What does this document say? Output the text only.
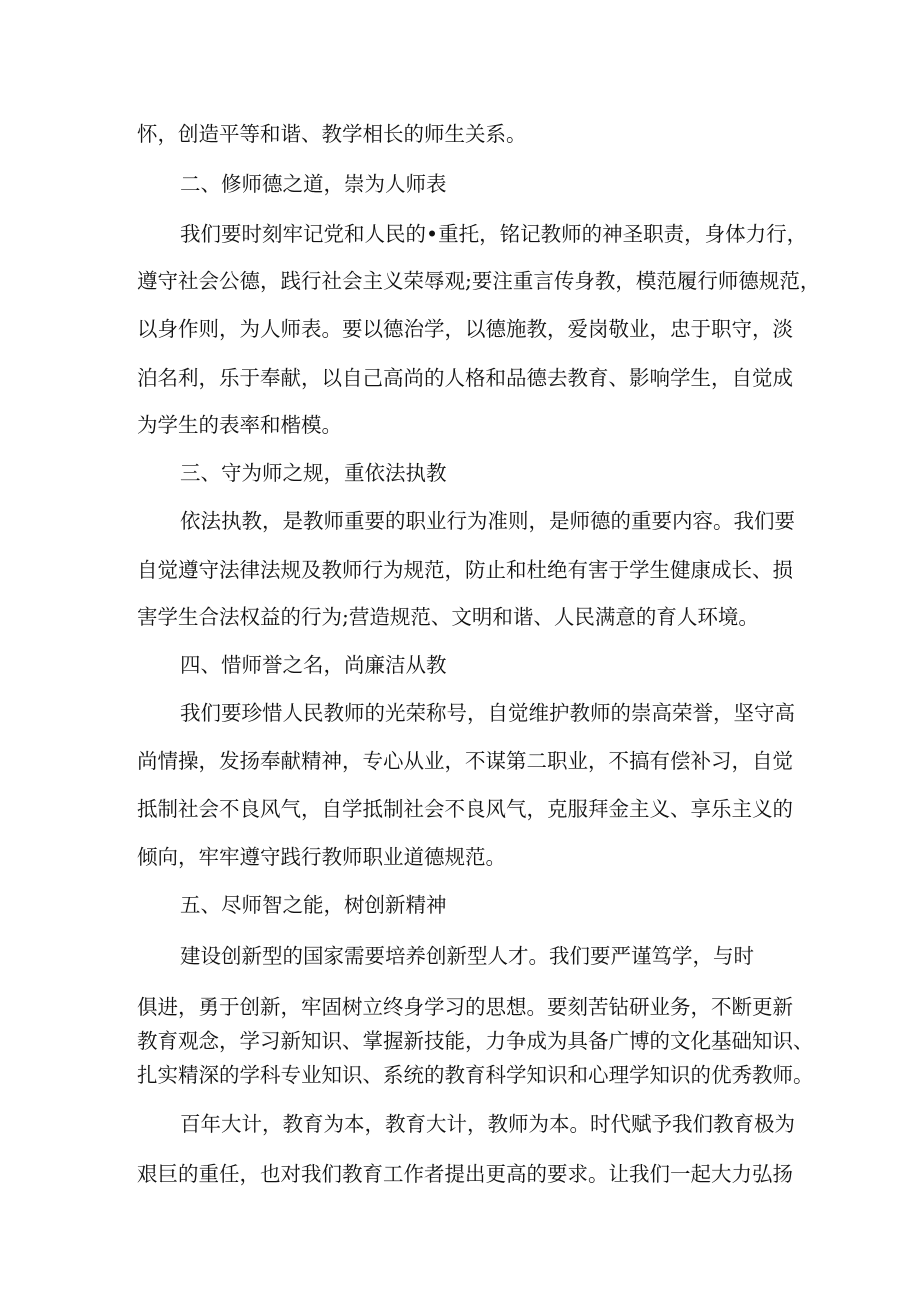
怀，创造平等和谐、教学相长的师生关系。
二、修师德之道，崇为人师表
我们要时刻牢记党和人民的•重托，铭记教师的神圣职责，身体力行，
遵守社会公德，践行社会主义荣辱观;要注重言传身教，模范履行师德规范，
以身作则，为人师表。要以德治学，以德施教，爱岗敬业，忠于职守，淡
泊名利，乐于奉献，以自己高尚的人格和品德去教育、影响学生，自觉成
为学生的表率和楷模。
三、守为师之规，重依法执教
依法执教，是教师重要的职业行为准则，是师德的重要内容。我们要
自觉遵守法律法规及教师行为规范，防止和杜绝有害于学生健康成长、损
害学生合法权益的行为;营造规范、文明和谐、人民满意的育人环境。
四、惜师誉之名，尚廉洁从教
我们要珍惜人民教师的光荣称号，自觉维护教师的崇高荣誉，坚守高
尚情操，发扬奉献精神，专心从业，不谋第二职业，不搞有偿补习，自觉
抵制社会不良风气，自学抵制社会不良风气，克服拜金主义、享乐主义的
倾向，牢牢遵守践行教师职业道德规范。
五、尽师智之能，树创新精神
建设创新型的国家需要培养创新型人才。我们要严谨笃学，与时
俱进，勇于创新，牢固树立终身学习的思想。要刻苦钻研业务，不断更新
教育观念，学习新知识、掌握新技能，力争成为具备广博的文化基础知识、
扎实精深的学科专业知识、系统的教育科学知识和心理学知识的优秀教师。
百年大计，教育为本，教育大计，教师为本。时代赋予我们教育极为
艰巨的重任，也对我们教育工作者提出更高的要求。让我们一起大力弘扬
